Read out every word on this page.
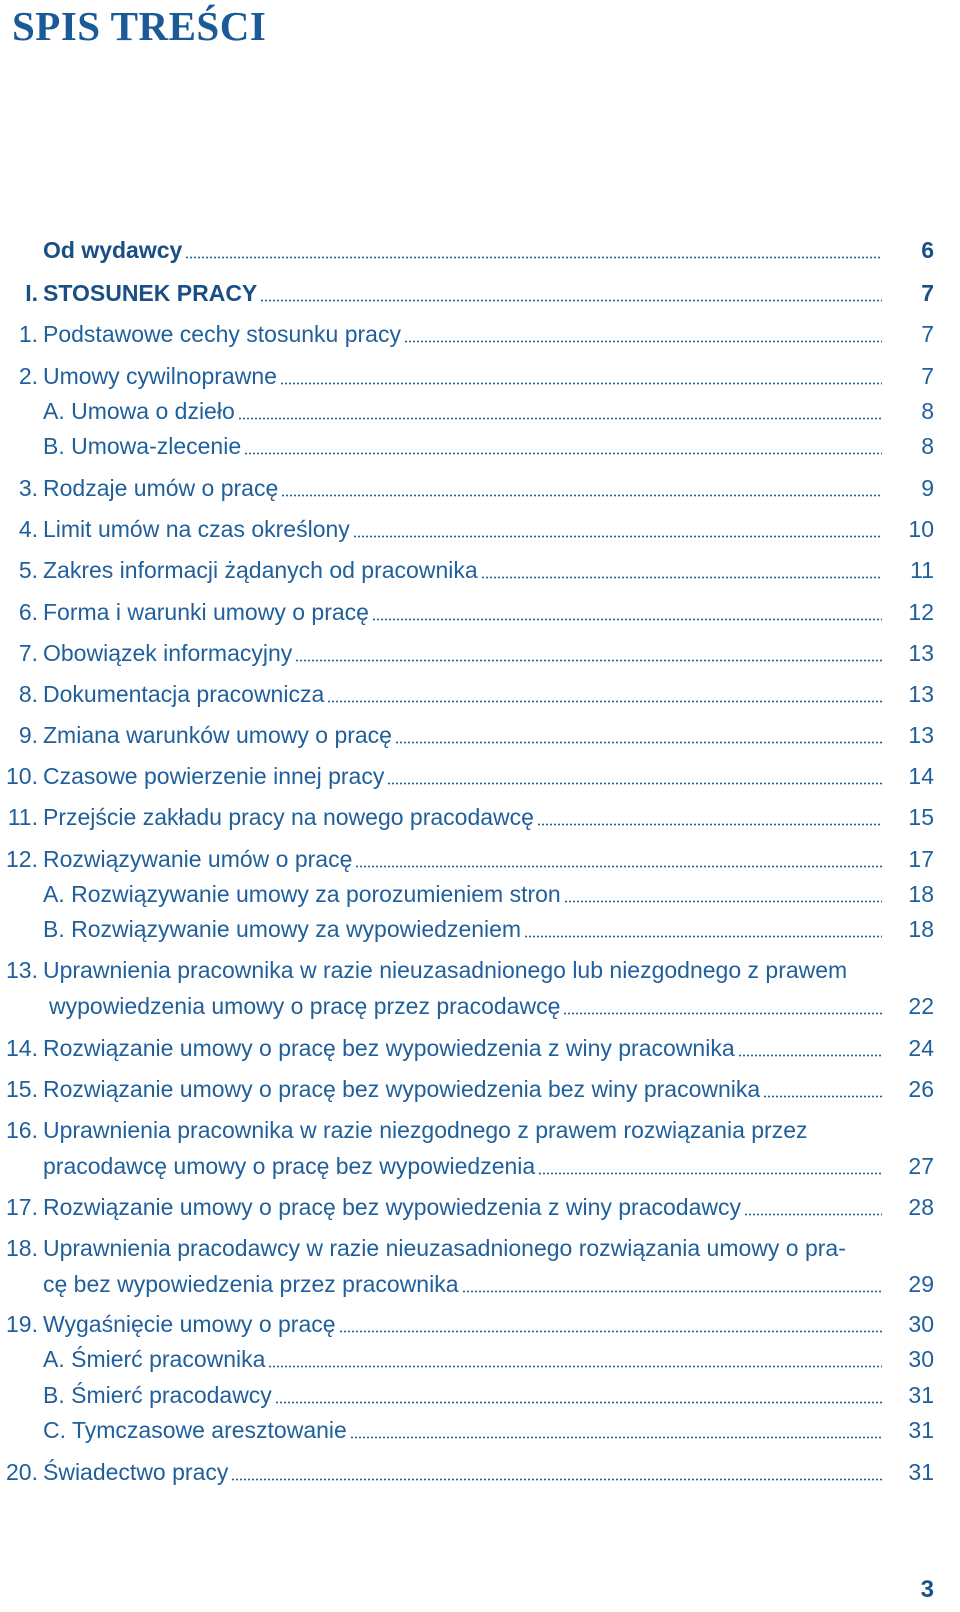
SPIS TREŚCI
Od wydawcy	6
I. STOSUNEK PRACY	7
1. Podstawowe cechy stosunku pracy	7
2. Umowy cywilnoprawne	7
A. Umowa o dzieło	8
B. Umowa-zlecenie	8
3. Rodzaje umów o pracę	9
4. Limit umów na czas określony	10
5. Zakres informacji żądanych od pracownika	11
6. Forma i warunki umowy o pracę	12
7. Obowiązek informacyjny	13
8. Dokumentacja pracownicza	13
9. Zmiana warunków umowy o pracę	13
10. Czasowe powierzenie innej pracy	14
11. Przejście zakładu pracy na nowego pracodawcę	15
12. Rozwiązywanie umów o pracę	17
A. Rozwiązywanie umowy za porozumieniem stron	18
B. Rozwiązywanie umowy za wypowiedzeniem	18
13. Uprawnienia pracownika w razie nieuzasadnionego lub niezgodnego z prawem
wypowiedzenia umowy o pracę przez pracodawcę	22
14. Rozwiązanie umowy o pracę bez wypowiedzenia z winy pracownika	24
15. Rozwiązanie umowy o pracę bez wypowiedzenia bez winy pracownika	26
16. Uprawnienia pracownika w razie niezgodnego z prawem rozwiązania przez
pracodawcę umowy o pracę bez wypowiedzenia	27
17. Rozwiązanie umowy o pracę bez wypowiedzenia z winy pracodawcy	28
18. Uprawnienia pracodawcy w razie nieuzasadnionego rozwiązania umowy o pra-
cę bez wypowiedzenia przez pracownika	29
19. Wygaśnięcie umowy o pracę	30
A. Śmierć pracownika	30
B. Śmierć pracodawcy	31
C. Tymczasowe aresztowanie	31
20. Świadectwo pracy	31
3
